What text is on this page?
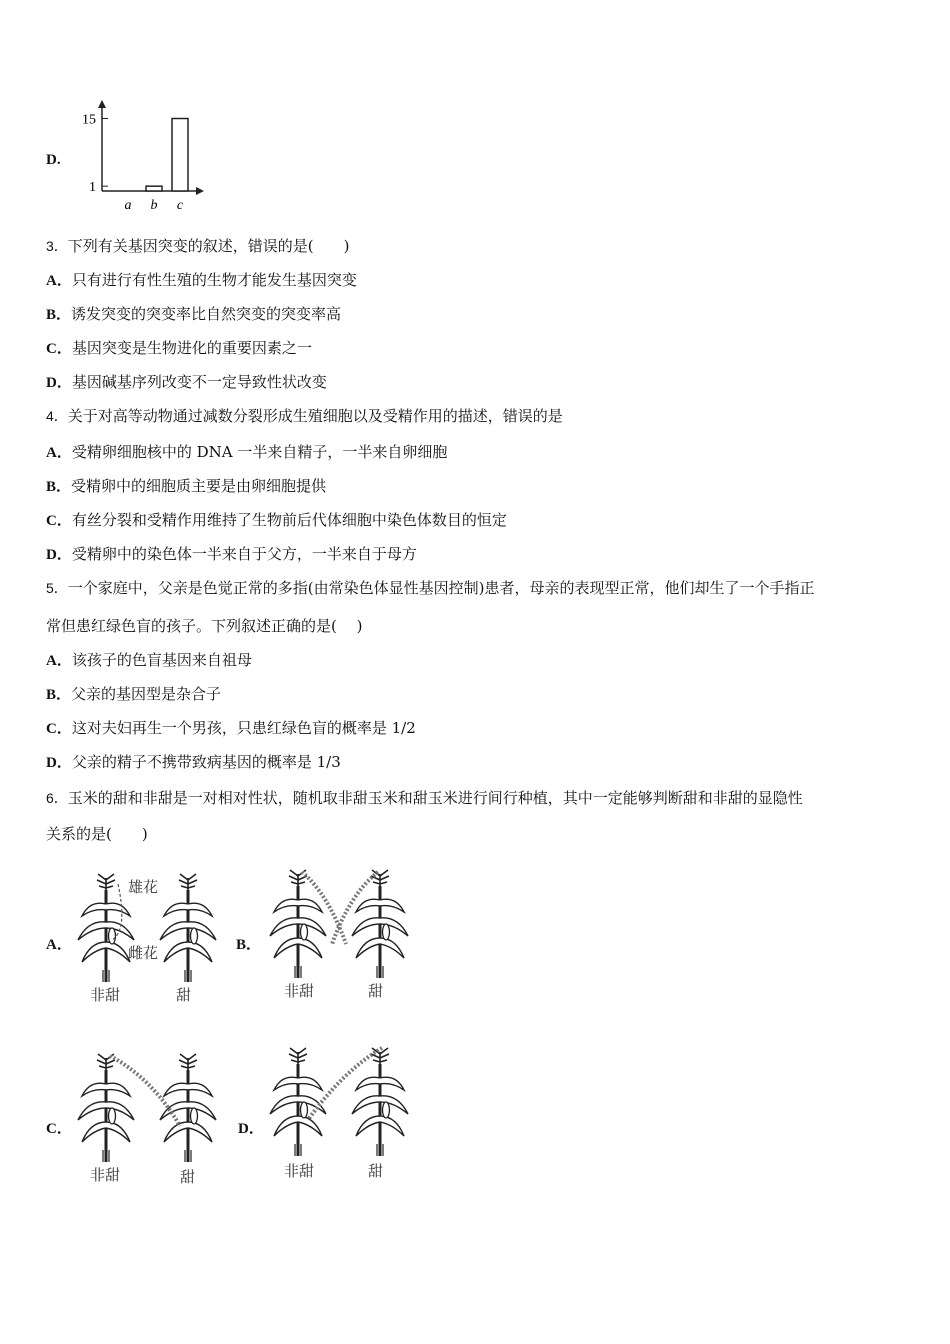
D.
a b c
15
1
3．下列有关基因突变的叙述，错误的是(　　)
A．只有进行有性生殖的生物才能发生基因突变
B．诱发突变的突变率比自然突变的突变率高
C．基因突变是生物进化的重要因素之一
D．基因碱基序列改变不一定导致性状改变
4．关于对高等动物通过减数分裂形成生殖细胞以及受精作用的描述，错误的是
A．受精卵细胞核中的 DNA 一半来自精子，一半来自卵细胞
B．受精卵中的细胞质主要是由卵细胞提供
C．有丝分裂和受精作用维持了生物前后代体细胞中染色体数目的恒定
D．受精卵中的染色体一半来自于父方，一半来自于母方
5．一个家庭中，父亲是色觉正常的多指(由常染色体显性基因控制)患者，母亲的表现型正常，他们却生了一个手指正
常但患红绿色盲的孩子。下列叙述正确的是(　 )
A．该孩子的色盲基因来自祖母
B．父亲的基因型是杂合子
C．这对夫妇再生一个男孩，只患红绿色盲的概率是 1/2
D．父亲的精子不携带致病基因的概率是 1/3
6．玉米的甜和非甜是一对相对性状，随机取非甜玉米和甜玉米进行间行种植，其中一定能够判断甜和非甜的显隐性
关系的是(　　)
A．
雄花
雌花
非甜	甜
B．
非甜	甜
C．
非甜	甜
D．
非甜	甜
